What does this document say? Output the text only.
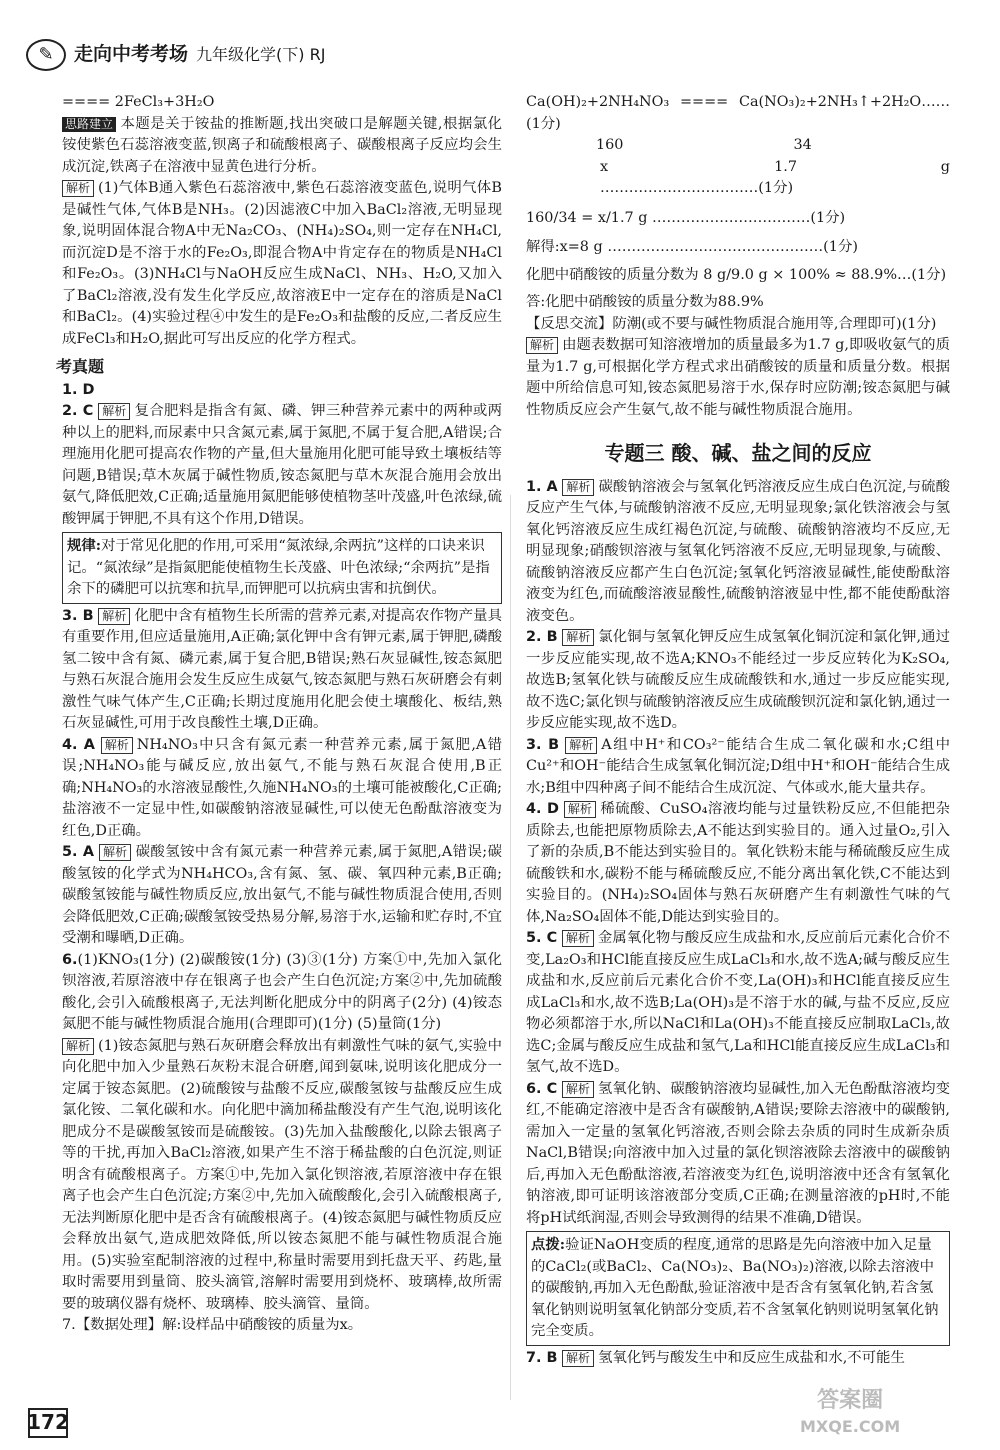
✎	走向中考考场 九年级化学(下) RJ

==== 2FeCl₃+3H₂O

思路建立 本题是关于铵盐的推断题,找出突破口是解题关键,根据氯化铵使紫色石蕊溶液变蓝,钡离子和硫酸根离子、碳酸根离子反应均会生成沉淀,铁离子在溶液中显黄色进行分析。

解析 (1)气体B通入紫色石蕊溶液中,紫色石蕊溶液变蓝色,说明气体B是碱性气体,气体B是NH₃。(2)因滤液C中加入BaCl₂溶液,无明显现象,说明固体混合物A中无Na₂CO₃、(NH₄)₂SO₄,则一定存在NH₄Cl,而沉淀D是不溶于水的Fe₂O₃,即混合物A中肯定存在的物质是NH₄Cl和Fe₂O₃。(3)NH₄Cl与NaOH反应生成NaCl、NH₃、H₂O,又加入了BaCl₂溶液,没有发生化学反应,故溶液E中一定存在的溶质是NaCl和BaCl₂。(4)实验过程④中发生的是Fe₂O₃和盐酸的反应,二者反应生成FeCl₃和H₂O,据此可写出反应的化学方程式。

考真题

1. D

2. C 解析 复合肥料是指含有氮、磷、钾三种营养元素中的两种或两种以上的肥料,而尿素中只含氮元素,属于氮肥,不属于复合肥,A错误;合理施用化肥可提高农作物的产量,但大量施用化肥可能导致土壤板结等问题,B错误;草木灰属于碱性物质,铵态氮肥与草木灰混合施用会放出氨气,降低肥效,C正确;适量施用氮肥能够使植物茎叶茂盛,叶色浓绿,硫酸钾属于钾肥,不具有这个作用,D错误。

规律:对于常见化肥的作用,可采用“氮浓绿,余两抗”这样的口诀来识记。“氮浓绿”是指氮肥能使植物生长茂盛、叶色浓绿;“余两抗”是指余下的磷肥可以抗寒和抗旱,而钾肥可以抗病虫害和抗倒伏。

3. B 解析 化肥中含有植物生长所需的营养元素,对提高农作物产量具有重要作用,但应适量施用,A正确;氯化钾中含有钾元素,属于钾肥,磷酸氢二铵中含有氮、磷元素,属于复合肥,B错误;熟石灰显碱性,铵态氮肥与熟石灰混合施用会发生反应生成氨气,铵态氮肥与熟石灰研磨会有刺激性气味气体产生,C正确;长期过度施用化肥会使土壤酸化、板结,熟石灰显碱性,可用于改良酸性土壤,D正确。

4. A 解析 NH₄NO₃中只含有氮元素一种营养元素,属于氮肥,A错误;NH₄NO₃能与碱反应,放出氨气,不能与熟石灰混合使用,B正确;NH₄NO₃的水溶液显酸性,久施NH₄NO₃的土壤可能被酸化,C正确;盐溶液不一定显中性,如碳酸钠溶液显碱性,可以使无色酚酞溶液变为红色,D正确。

5. A 解析 碳酸氢铵中含有氮元素一种营养元素,属于氮肥,A错误;碳酸氢铵的化学式为NH₄HCO₃,含有氮、氢、碳、氧四种元素,B正确;碳酸氢铵能与碱性物质反应,放出氨气,不能与碱性物质混合使用,否则会降低肥效,C正确;碳酸氢铵受热易分解,易溶于水,运输和贮存时,不宜受潮和曝晒,D正确。

6.(1)KNO₃(1分) (2)碳酸铵(1分) (3)③(1分) 方案①中,先加入氯化钡溶液,若原溶液中存在银离子也会产生白色沉淀;方案②中,先加硫酸酸化,会引入硫酸根离子,无法判断化肥成分中的阴离子(2分) (4)铵态氮肥不能与碱性物质混合施用(合理即可)(1分) (5)量筒(1分)

解析 (1)铵态氮肥与熟石灰研磨会释放出有刺激性气味的氨气,实验中向化肥中加入少量熟石灰粉末混合研磨,闻到氨味,说明该化肥成分一定属于铵态氮肥。(2)硫酸铵与盐酸不反应,碳酸氢铵与盐酸反应生成氯化铵、二氧化碳和水。向化肥中滴加稀盐酸没有产生气泡,说明该化肥成分不是碳酸氢铵而是硫酸铵。(3)先加入盐酸酸化,以除去银离子等的干扰,再加入BaCl₂溶液,如果产生不溶于稀盐酸的白色沉淀,则证明含有硫酸根离子。方案①中,先加入氯化钡溶液,若原溶液中存在银离子也会产生白色沉淀;方案②中,先加入硫酸酸化,会引入硫酸根离子,无法判断原化肥中是否含有硫酸根离子。(4)铵态氮肥与碱性物质反应会释放出氨气,造成肥效降低,所以铵态氮肥不能与碱性物质混合施用。(5)实验室配制溶液的过程中,称量时需要用到托盘天平、药匙,量取时需要用到量筒、胶头滴管,溶解时需要用到烧杯、玻璃棒,故所需要的玻璃仪器有烧杯、玻璃棒、胶头滴管、量筒。

7.【数据处理】解:设样品中硝酸铵的质量为x。

Ca(OH)₂+2NH₄NO₃ ==== Ca(NO₃)₂+2NH₃↑+2H₂O……(1分)

160	34

x	1.7 g ……………………………(1分)

160/34 = x/1.7 g ……………………………(1分)

解得:x=8 g ………………………………………(1分)

化肥中硝酸铵的质量分数为 8 g/9.0 g × 100% ≈ 88.9%…(1分)

答:化肥中硝酸铵的质量分数为88.9%

【反思交流】防潮(或不要与碱性物质混合施用等,合理即可)(1分)

解析 由题表数据可知溶液增加的质量最多为1.7 g,即吸收氨气的质量为1.7 g,可根据化学方程式求出硝酸铵的质量和质量分数。根据题中所给信息可知,铵态氮肥易溶于水,保存时应防潮;铵态氮肥与碱性物质反应会产生氨气,故不能与碱性物质混合施用。

专题三 酸、碱、盐之间的反应

1. A 解析 碳酸钠溶液会与氢氧化钙溶液反应生成白色沉淀,与硫酸反应产生气体,与硫酸钠溶液不反应,无明显现象;氯化铁溶液会与氢氧化钙溶液反应生成红褐色沉淀,与硫酸、硫酸钠溶液均不反应,无明显现象;硝酸钡溶液与氢氧化钙溶液不反应,无明显现象,与硫酸、硫酸钠溶液反应都产生白色沉淀;氢氧化钙溶液显碱性,能使酚酞溶液变为红色,而硫酸溶液显酸性,硫酸钠溶液显中性,都不能使酚酞溶液变色。

2. B 解析 氯化铜与氢氧化钾反应生成氢氧化铜沉淀和氯化钾,通过一步反应能实现,故不选A;KNO₃不能经过一步反应转化为K₂SO₄,故选B;氢氧化铁与硫酸反应生成硫酸铁和水,通过一步反应能实现,故不选C;氯化钡与硫酸钠溶液反应生成硫酸钡沉淀和氯化钠,通过一步反应能实现,故不选D。

3. B 解析 A组中H⁺和CO₃²⁻能结合生成二氧化碳和水;C组中Cu²⁺和OH⁻能结合生成氢氧化铜沉淀;D组中H⁺和OH⁻能结合生成水;B组中四种离子间不能结合生成沉淀、气体或水,能大量共存。

4. D 解析 稀硫酸、CuSO₄溶液均能与过量铁粉反应,不但能把杂质除去,也能把原物质除去,A不能达到实验目的。通入过量O₂,引入了新的杂质,B不能达到实验目的。氧化铁粉末能与稀硫酸反应生成硫酸铁和水,碳粉不能与稀硫酸反应,不能分离出氧化铁,C不能达到实验目的。(NH₄)₂SO₄固体与熟石灰研磨产生有刺激性气味的气体,Na₂SO₄固体不能,D能达到实验目的。

5. C 解析 金属氧化物与酸反应生成盐和水,反应前后元素化合价不变,La₂O₃和HCl能直接反应生成LaCl₃和水,故不选A;碱与酸反应生成盐和水,反应前后元素化合价不变,La(OH)₃和HCl能直接反应生成LaCl₃和水,故不选B;La(OH)₃是不溶于水的碱,与盐不反应,反应物必须都溶于水,所以NaCl和La(OH)₃不能直接反应制取LaCl₃,故选C;金属与酸反应生成盐和氢气,La和HCl能直接反应生成LaCl₃和氢气,故不选D。

6. C 解析 氢氧化钠、碳酸钠溶液均显碱性,加入无色酚酞溶液均变红,不能确定溶液中是否含有碳酸钠,A错误;要除去溶液中的碳酸钠,需加入一定量的氢氧化钙溶液,否则会除去杂质的同时生成新杂质NaCl,B错误;向溶液中加入过量的氯化钡溶液除去溶液中的碳酸钠后,再加入无色酚酞溶液,若溶液变为红色,说明溶液中还含有氢氧化钠溶液,即可证明该溶液部分变质,C正确;在测量溶液的pH时,不能将pH试纸润湿,否则会导致测得的结果不准确,D错误。

点拨:验证NaOH变质的程度,通常的思路是先向溶液中加入足量的CaCl₂(或BaCl₂、Ca(NO₃)₂、Ba(NO₃)₂)溶液,以除去溶液中的碳酸钠,再加入无色酚酞,验证溶液中是否含有氢氧化钠,若含氢氧化钠则说明氢氧化钠部分变质,若不含氢氧化钠则说明氢氧化钠完全变质。

7. B 解析 氢氧化钙与酸发生中和反应生成盐和水,不可能生

172
答案圈
MXQE.COM
